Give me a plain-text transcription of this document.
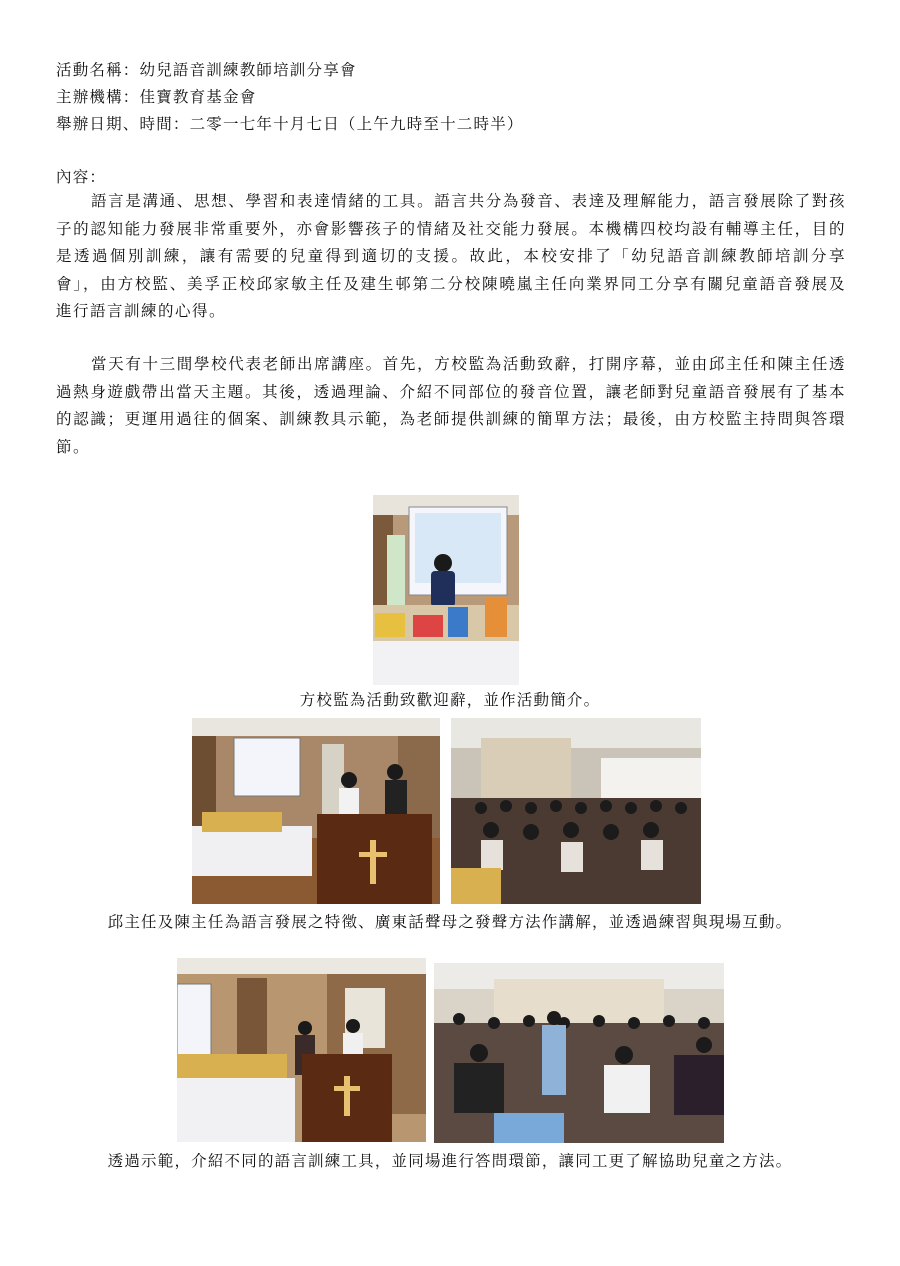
活動名稱：幼兒語音訓練教師培訓分享會
主辦機構：佳寶教育基金會
舉辦日期、時間：二零一七年十月七日（上午九時至十二時半）
內容：

語言是溝通、思想、學習和表達情緒的工具。語言共分為發音、表達及理解能力，語言發展除了對孩子的認知能力發展非常重要外，亦會影響孩子的情緒及社交能力發展。本機構四校均設有輔導主任，目的是透過個別訓練，讓有需要的兒童得到適切的支援。故此，本校安排了「幼兒語音訓練教師培訓分享會」，由方校監、美孚正校邱家敏主任及建生邨第二分校陳曉嵐主任向業界同工分享有關兒童語音發展及進行語言訓練的心得。

當天有十三間學校代表老師出席講座。首先，方校監為活動致辭，打開序幕，並由邱主任和陳主任透過熱身遊戲帶出當天主題。其後，透過理論、介紹不同部位的發音位置，讓老師對兒童語音發展有了基本的認識；更運用過往的個案、訓練教具示範，為老師提供訓練的簡單方法；最後，由方校監主持問與答環節。

方校監為活動致歡迎辭，並作活動簡介。
邱主任及陳主任為語言發展之特徵、廣東話聲母之發聲方法作講解，並透過練習與現場互動。
透過示範，介紹不同的語言訓練工具，並同場進行答問環節，讓同工更了解協助兒童之方法。
